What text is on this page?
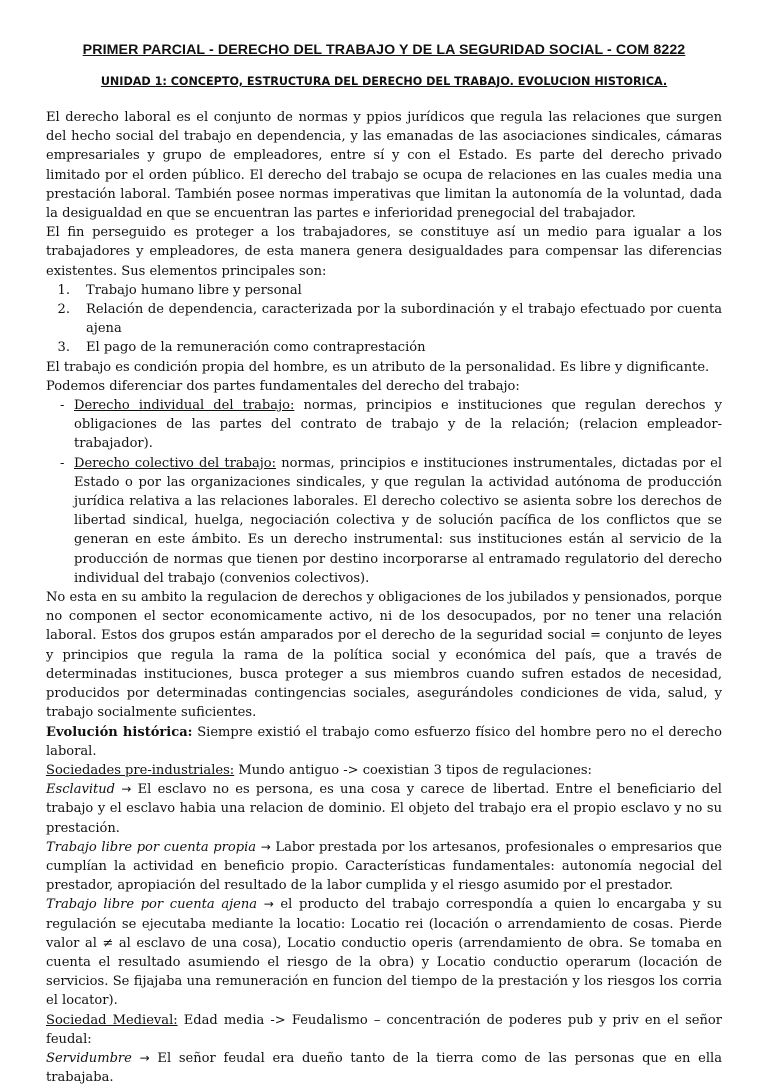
PRIMER PARCIAL - DERECHO DEL TRABAJO Y DE LA SEGURIDAD SOCIAL - COM 8222
UNIDAD 1: CONCEPTO, ESTRUCTURA DEL DERECHO DEL TRABAJO. EVOLUCION HISTORICA.

El derecho laboral es el conjunto de normas y ppios jurídicos que regula las relaciones que surgen del hecho social del trabajo en dependencia, y las emanadas de las asociaciones sindicales, cámaras empresariales y grupo de empleadores, entre sí y con el Estado. Es parte del derecho privado limitado por el orden público. El derecho del trabajo se ocupa de relaciones en las cuales media una prestación laboral. También posee normas imperativas que limitan la autonomía de la voluntad, dada la desigualdad en que se encuentran las partes e inferioridad prenegocial del trabajador.

El fin perseguido es proteger a los trabajadores, se constituye así un medio para igualar a los trabajadores y empleadores, de esta manera genera desigualdades para compensar las diferencias existentes. Sus elementos principales son:

1. Trabajo humano libre y personal
2. Relación de dependencia, caracterizada por la subordinación y el trabajo efectuado por cuenta ajena
3. El pago de la remuneración como contraprestación

El trabajo es condición propia del hombre, es un atributo de la personalidad. Es libre y dignificante.

Podemos diferenciar dos partes fundamentales del derecho del trabajo:

- Derecho individual del trabajo: normas, principios e instituciones que regulan derechos y obligaciones de las partes del contrato de trabajo y de la relación; (relacion empleador-trabajador).
- Derecho colectivo del trabajo: normas, principios e instituciones instrumentales, dictadas por el Estado o por las organizaciones sindicales, y que regulan la actividad autónoma de producción jurídica relativa a las relaciones laborales. El derecho colectivo se asienta sobre los derechos de libertad sindical, huelga, negociación colectiva y de solución pacífica de los conflictos que se generan en este ámbito. Es un derecho instrumental: sus instituciones están al servicio de la producción de normas que tienen por destino incorporarse al entramado regulatorio del derecho individual del trabajo (convenios colectivos).

No esta en su ambito la regulacion de derechos y obligaciones de los jubilados y pensionados, porque no componen el sector economicamente activo, ni de los desocupados, por no tener una relación laboral. Estos dos grupos están amparados por el derecho de la seguridad social = conjunto de leyes y principios que regula la rama de la política social y económica del país, que a través de determinadas instituciones, busca proteger a sus miembros cuando sufren estados de necesidad, producidos por determinadas contingencias sociales, asegurándoles condiciones de vida, salud, y trabajo socialmente suficientes.

Evolución histórica: Siempre existió el trabajo como esfuerzo físico del hombre pero no el derecho laboral.

Sociedades pre-industriales: Mundo antiguo -> coexistian 3 tipos de regulaciones:

Esclavitud → El esclavo no es persona, es una cosa y carece de libertad. Entre el beneficiario del trabajo y el esclavo habia una relacion de dominio. El objeto del trabajo era el propio esclavo y no su prestación.

Trabajo libre por cuenta propia → Labor prestada por los artesanos, profesionales o empresarios que cumplían la actividad en beneficio propio. Características fundamentales: autonomía negocial del prestador, apropiación del resultado de la labor cumplida y el riesgo asumido por el prestador.

Trabajo libre por cuenta ajena → el producto del trabajo correspondía a quien lo encargaba y su regulación se ejecutaba mediante la locatio: Locatio rei (locación o arrendamiento de cosas. Pierde valor al ≠ al esclavo de una cosa), Locatio conductio operis (arrendamiento de obra. Se tomaba en cuenta el resultado asumiendo el riesgo de la obra) y Locatio conductio operarum (locación de servicios. Se fijajaba una remuneración en funcion del tiempo de la prestación y los riesgos los corria el locator).

Sociedad Medieval: Edad media -> Feudalismo – concentración de poderes pub y priv en el señor feudal:

Servidumbre → El señor feudal era dueño tanto de la tierra como de las personas que en ella trabajaba.
